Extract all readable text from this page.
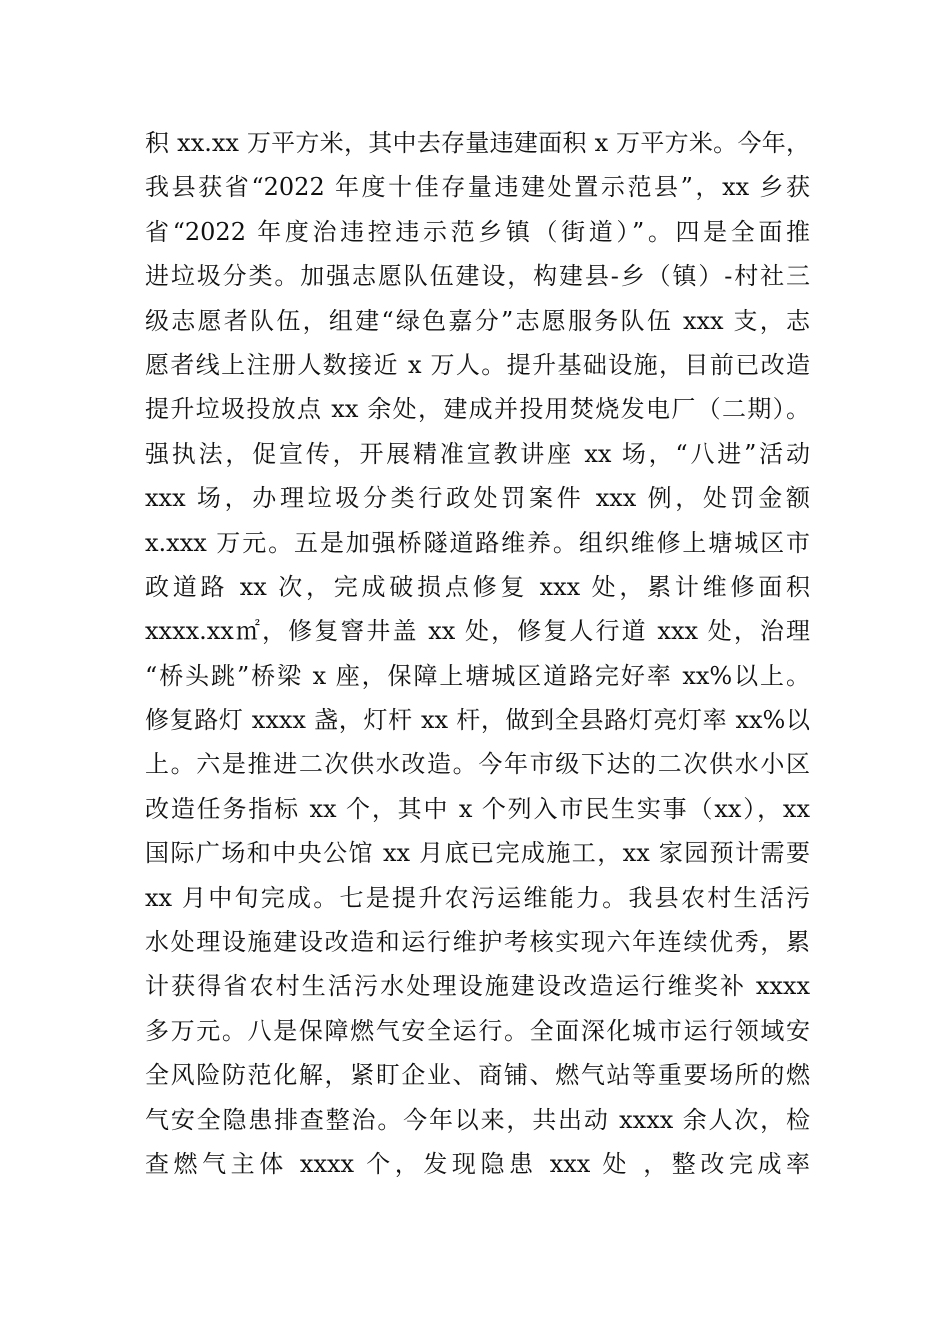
积 xx.xx 万平方米，其中去存量违建面积 x 万平方米。今年，
我县获省“2022 年度十佳存量违建处置示范县”，xx 乡获
省“2022 年度治违控违示范乡镇（街道）”。四是全面推
进垃圾分类。加强志愿队伍建设，构建县-乡（镇）-村社三
级志愿者队伍，组建“绿色嘉分”志愿服务队伍 xxx 支，志
愿者线上注册人数接近 x 万人。提升基础设施，目前已改造
提升垃圾投放点 xx 余处，建成并投用焚烧发电厂（二期）。
强执法，促宣传，开展精准宣教讲座 xx 场，“八进”活动
xxx 场，办理垃圾分类行政处罚案件 xxx 例，处罚金额
x.xxx 万元。五是加强桥隧道路维养。组织维修上塘城区市
政道路 xx 次，完成破损点修复 xxx 处，累计维修面积
xxxx.xx㎡，修复窨井盖 xx 处，修复人行道 xxx 处，治理
“桥头跳”桥梁 x 座，保障上塘城区道路完好率 xx%以上。
修复路灯 xxxx 盏，灯杆 xx 杆，做到全县路灯亮灯率 xx%以
上。六是推进二次供水改造。今年市级下达的二次供水小区
改造任务指标 xx 个，其中 x 个列入市民生实事（xx），xx
国际广场和中央公馆 xx 月底已完成施工，xx 家园预计需要
xx 月中旬完成。七是提升农污运维能力。我县农村生活污
水处理设施建设改造和运行维护考核实现六年连续优秀，累
计获得省农村生活污水处理设施建设改造运行维奖补 xxxx
多万元。八是保障燃气安全运行。全面深化城市运行领域安
全风险防范化解，紧盯企业、商铺、燃气站等重要场所的燃
气安全隐患排查整治。今年以来，共出动 xxxx 余人次，检
查燃气主体 xxxx 个，发现隐患 xxx 处 ，整改完成率
